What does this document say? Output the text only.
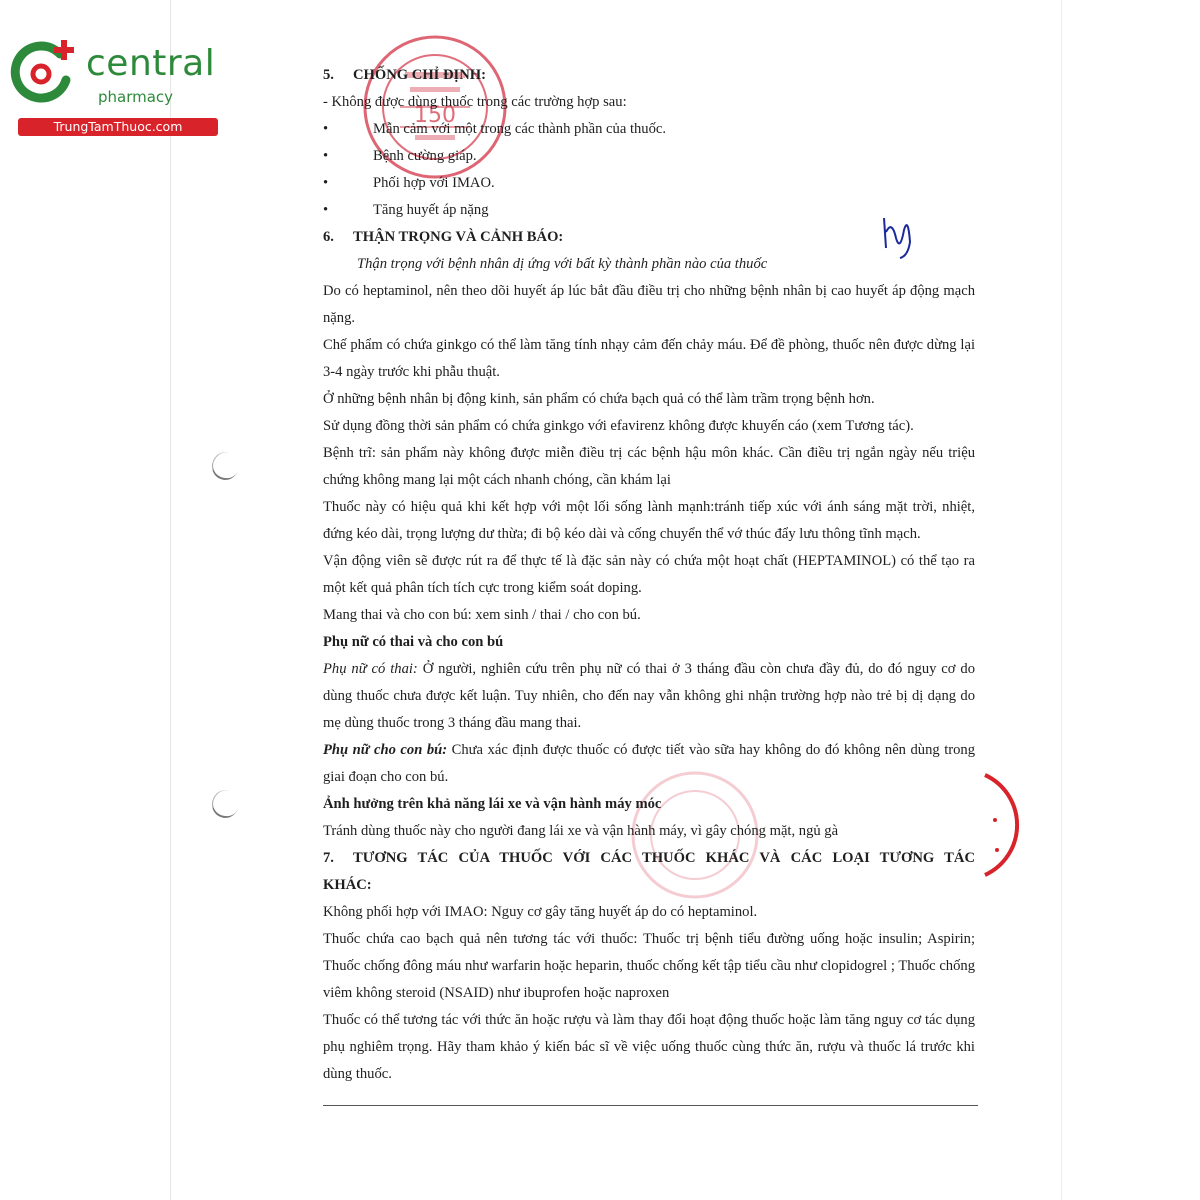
central
pharmacy
TrungTamThuoc.com	150

5. CHỐNG CHỈ ĐỊNH:

- Không được dùng thuốc trong các trường hợp sau:

• Mẫn cảm với một trong các thành phần của thuốc.

• Bệnh cường giáp.

• Phối hợp với IMAO.

• Tăng huyết áp nặng

6. THẬN TRỌNG VÀ CẢNH BÁO:

Thận trọng với bệnh nhân dị ứng với bất kỳ thành phần nào của thuốc

Do có heptaminol, nên theo dõi huyết áp lúc bắt đầu điều trị cho những bệnh nhân bị cao huyết áp động mạch nặng.

Chế phẩm có chứa ginkgo có thể làm tăng tính nhạy cảm đến chảy máu. Để đề phòng, thuốc nên được dừng lại 3-4 ngày trước khi phẫu thuật.

Ở những bệnh nhân bị động kinh, sản phẩm có chứa bạch quả có thể làm trầm trọng bệnh hơn.

Sử dụng đồng thời sản phẩm có chứa ginkgo với efavirenz không được khuyến cáo (xem Tương tác).

Bệnh trĩ: sản phẩm này không được miễn điều trị các bệnh hậu môn khác. Cần điều trị ngắn ngày nếu triệu chứng không mang lại một cách nhanh chóng, cần khám lại

Thuốc này có hiệu quả khi kết hợp với một lối sống lành mạnh:tránh tiếp xúc với ánh sáng mặt trời, nhiệt, đứng kéo dài, trọng lượng dư thừa; đi bộ kéo dài và cống chuyển thể vớ thúc đẩy lưu thông tĩnh mạch.

Vận động viên sẽ được rút ra để thực tế là đặc sản này có chứa một hoạt chất (HEPTAMINOL) có thể tạo ra một kết quả phân tích tích cực trong kiểm soát doping.

Mang thai và cho con bú: xem sinh / thai / cho con bú.

Phụ nữ có thai và cho con bú

Phụ nữ có thai: Ở người, nghiên cứu trên phụ nữ có thai ở 3 tháng đầu còn chưa đầy đủ, do đó nguy cơ do dùng thuốc chưa được kết luận. Tuy nhiên, cho đến nay vẫn không ghi nhận trường hợp nào trẻ bị dị dạng do mẹ dùng thuốc trong 3 tháng đầu mang thai.

Phụ nữ cho con bú: Chưa xác định được thuốc có được tiết vào sữa hay không do đó không nên dùng trong giai đoạn cho con bú.

Ảnh hưởng trên khả năng lái xe và vận hành máy móc

Tránh dùng thuốc này cho người đang lái xe và vận hành máy, vì gây chóng mặt, ngủ gà

7. TƯƠNG TÁC CỦA THUỐC VỚI CÁC THUỐC KHÁC VÀ CÁC LOẠI TƯƠNG TÁC KHÁC:

Không phối hợp với IMAO: Nguy cơ gây tăng huyết áp do có heptaminol.

Thuốc chứa cao bạch quả nên tương tác với thuốc: Thuốc trị bệnh tiểu đường uống hoặc insulin; Aspirin; Thuốc chống đông máu như warfarin hoặc heparin, thuốc chống kết tập tiểu cầu như clopidogrel ; Thuốc chống viêm không steroid (NSAID) như ibuprofen hoặc naproxen

Thuốc có thể tương tác với thức ăn hoặc rượu và làm thay đổi hoạt động thuốc hoặc làm tăng nguy cơ tác dụng phụ nghiêm trọng. Hãy tham khảo ý kiến bác sĩ về việc uống thuốc cùng thức ăn, rượu và thuốc lá trước khi dùng thuốc.
